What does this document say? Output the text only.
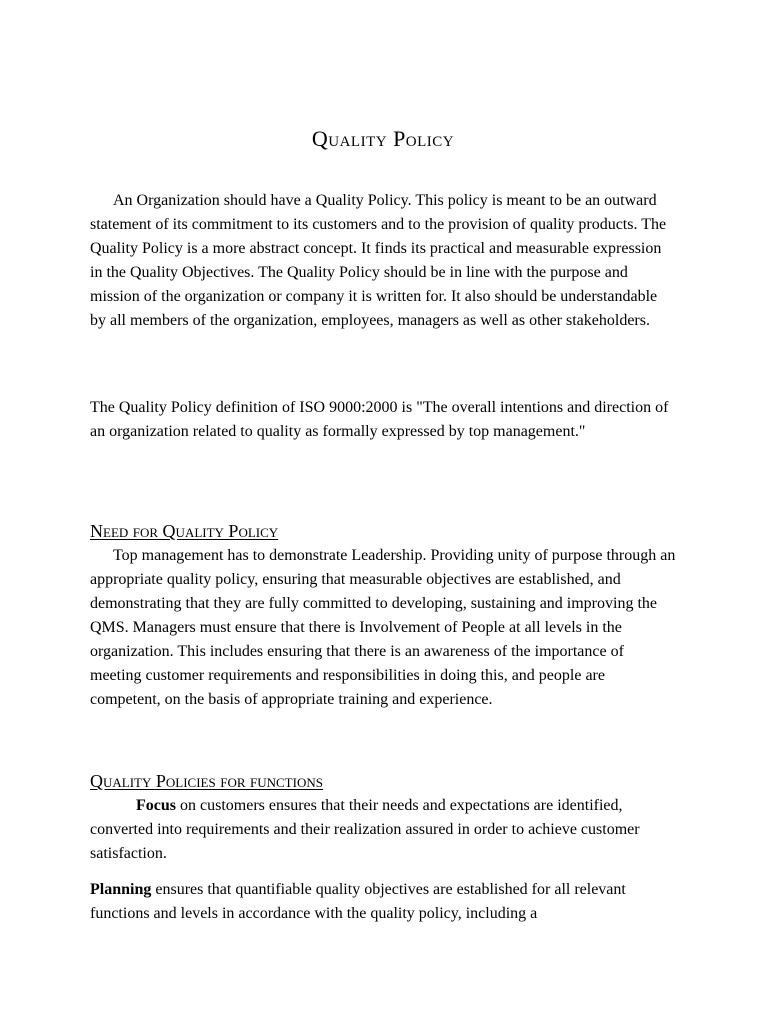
Quality Policy

An Organization should have a Quality Policy. This policy is meant to be an outward statement of its commitment to its customers and to the provision of quality products. The Quality Policy is a more abstract concept. It finds its practical and measurable expression in the Quality Objectives. The Quality Policy should be in line with the purpose and mission of the organization or company it is written for. It also should be understandable by all members of the organization, employees, managers as well as other stakeholders.

The Quality Policy definition of ISO 9000:2000 is "The overall intentions and direction of an organization related to quality as formally expressed by top management."

Need for Quality Policy

Top management has to demonstrate Leadership. Providing unity of purpose through an appropriate quality policy, ensuring that measurable objectives are established, and demonstrating that they are fully committed to developing, sustaining and improving the QMS. Managers must ensure that there is Involvement of People at all levels in the organization. This includes ensuring that there is an awareness of the importance of meeting customer requirements and responsibilities in doing this, and people are competent, on the basis of appropriate training and experience.

Quality Policies for functions

Focus on customers ensures that their needs and expectations are identified, converted into requirements and their realization assured in order to achieve customer satisfaction.

Planning ensures that quantifiable quality objectives are established for all relevant functions and levels in accordance with the quality policy, including a
